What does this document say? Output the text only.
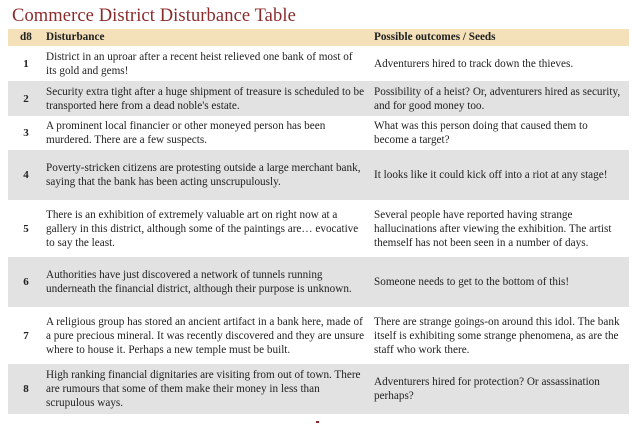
Commerce District Disturbance Table
d8	Disturbance	Possible outcomes / Seeds
1	District in an uproar after a recent heist relieved one bank of most of its gold and gems!	Adventurers hired to track down the thieves.
2	Security extra tight after a huge shipment of treasure is scheduled to be transported here from a dead noble's estate.	Possibility of a heist? Or, adventurers hired as security, and for good money too.
3	A prominent local financier or other moneyed person has been murdered. There are a few suspects.	What was this person doing that caused them to become a target?
4	Poverty-stricken citizens are protesting outside a large merchant bank, saying that the bank has been acting unscrupulously.	It looks like it could kick off into a riot at any stage!
5	There is an exhibition of extremely valuable art on right now at a gallery in this district, although some of the paintings are… evocative to say the least.	Several people have reported having strange hallucinations after viewing the exhibition. The artist themself has not been seen in a number of days.
6	Authorities have just discovered a network of tunnels running underneath the financial district, although their purpose is unknown.	Someone needs to get to the bottom of this!
7	A religious group has stored an ancient artifact in a bank here, made of a pure precious mineral. It was recently discovered and they are unsure where to house it. Perhaps a new temple must be built.	There are strange goings-on around this idol. The bank itself is exhibiting some strange phenomena, as are the staff who work there.
8	High ranking financial dignitaries are visiting from out of town. There are rumours that some of them make their money in less than scrupulous ways.	Adventurers hired for protection? Or assassination perhaps?
